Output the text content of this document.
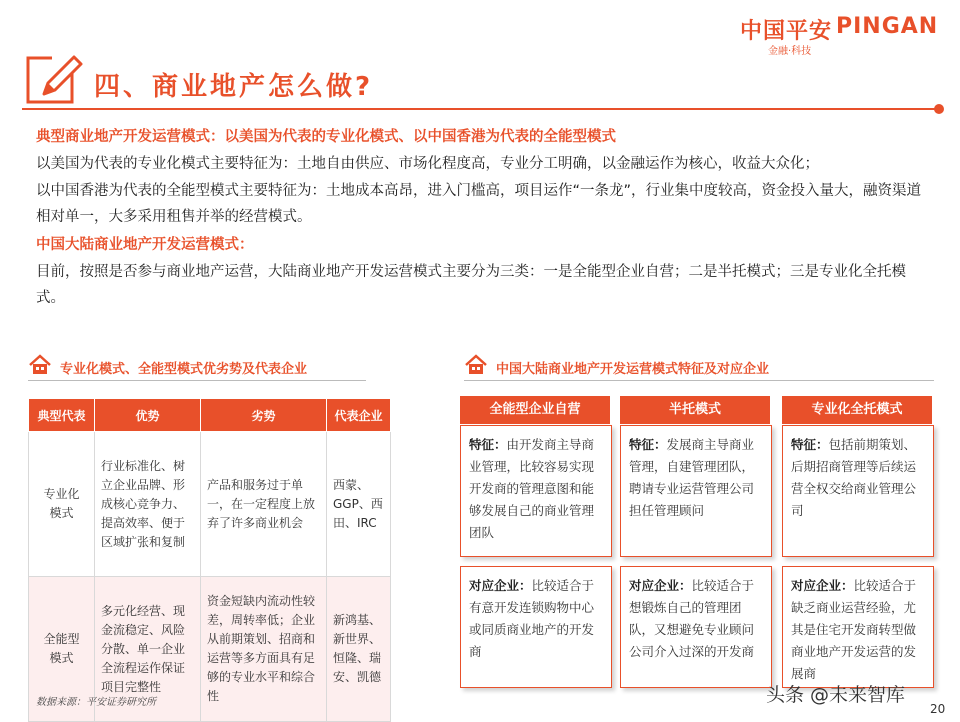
中国平安 PINGAN
金融·科技
四、商业地产怎么做?
典型商业地产开发运营模式：以美国为代表的专业化模式、以中国香港为代表的全能型模式
以美国为代表的专业化模式主要特征为：土地自由供应、市场化程度高，专业分工明确，以金融运作为核心，收益大众化；
以中国香港为代表的全能型模式主要特征为：土地成本高昂，进入门槛高，项目运作“一条龙”，行业集中度较高，资金投入量大，融资渠道相对单一，大多采用租售并举的经营模式。
中国大陆商业地产开发运营模式：
目前，按照是否参与商业地产运营，大陆商业地产开发运营模式主要分为三类：一是全能型企业自营；二是半托模式；三是专业化全托模式。
专业化模式、全能型模式优劣势及代表企业
典型代表	优势	劣势	代表企业
专业化模式	行业标准化、树立企业品牌、形成核心竞争力、提高效率、便于区域扩张和复制	产品和服务过于单一，在一定程度上放弃了许多商业机会	西蒙、GGP、西田、IRC
全能型模式	多元化经营、现金流稳定、风险分散、单一企业全流程运作保证项目完整性	资金短缺内流动性较差，周转率低；企业从前期策划、招商和运营等多方面具有足够的专业水平和综合性	新鸿基、新世界、恒隆、瑞安、凯德
中国大陆商业地产开发运营模式特征及对应企业
全能型企业自营
特征：由开发商主导商业管理，比较容易实现开发商的管理意图和能够发展自己的商业管理团队
对应企业：比较适合于有意开发连锁购物中心或同质商业地产的开发商
半托模式
特征：发展商主导商业管理，自建管理团队，聘请专业运营管理公司担任管理顾问
对应企业：比较适合于想锻炼自己的管理团队，又想避免专业顾问公司介入过深的开发商
专业化全托模式
特征：包括前期策划、后期招商管理等后续运营全权交给商业管理公司
对应企业：比较适合于缺乏商业运营经验，尤其是住宅开发商转型做商业地产开发运营的发展商
数据来源：平安证券研究所	头条 @未来智库
20
